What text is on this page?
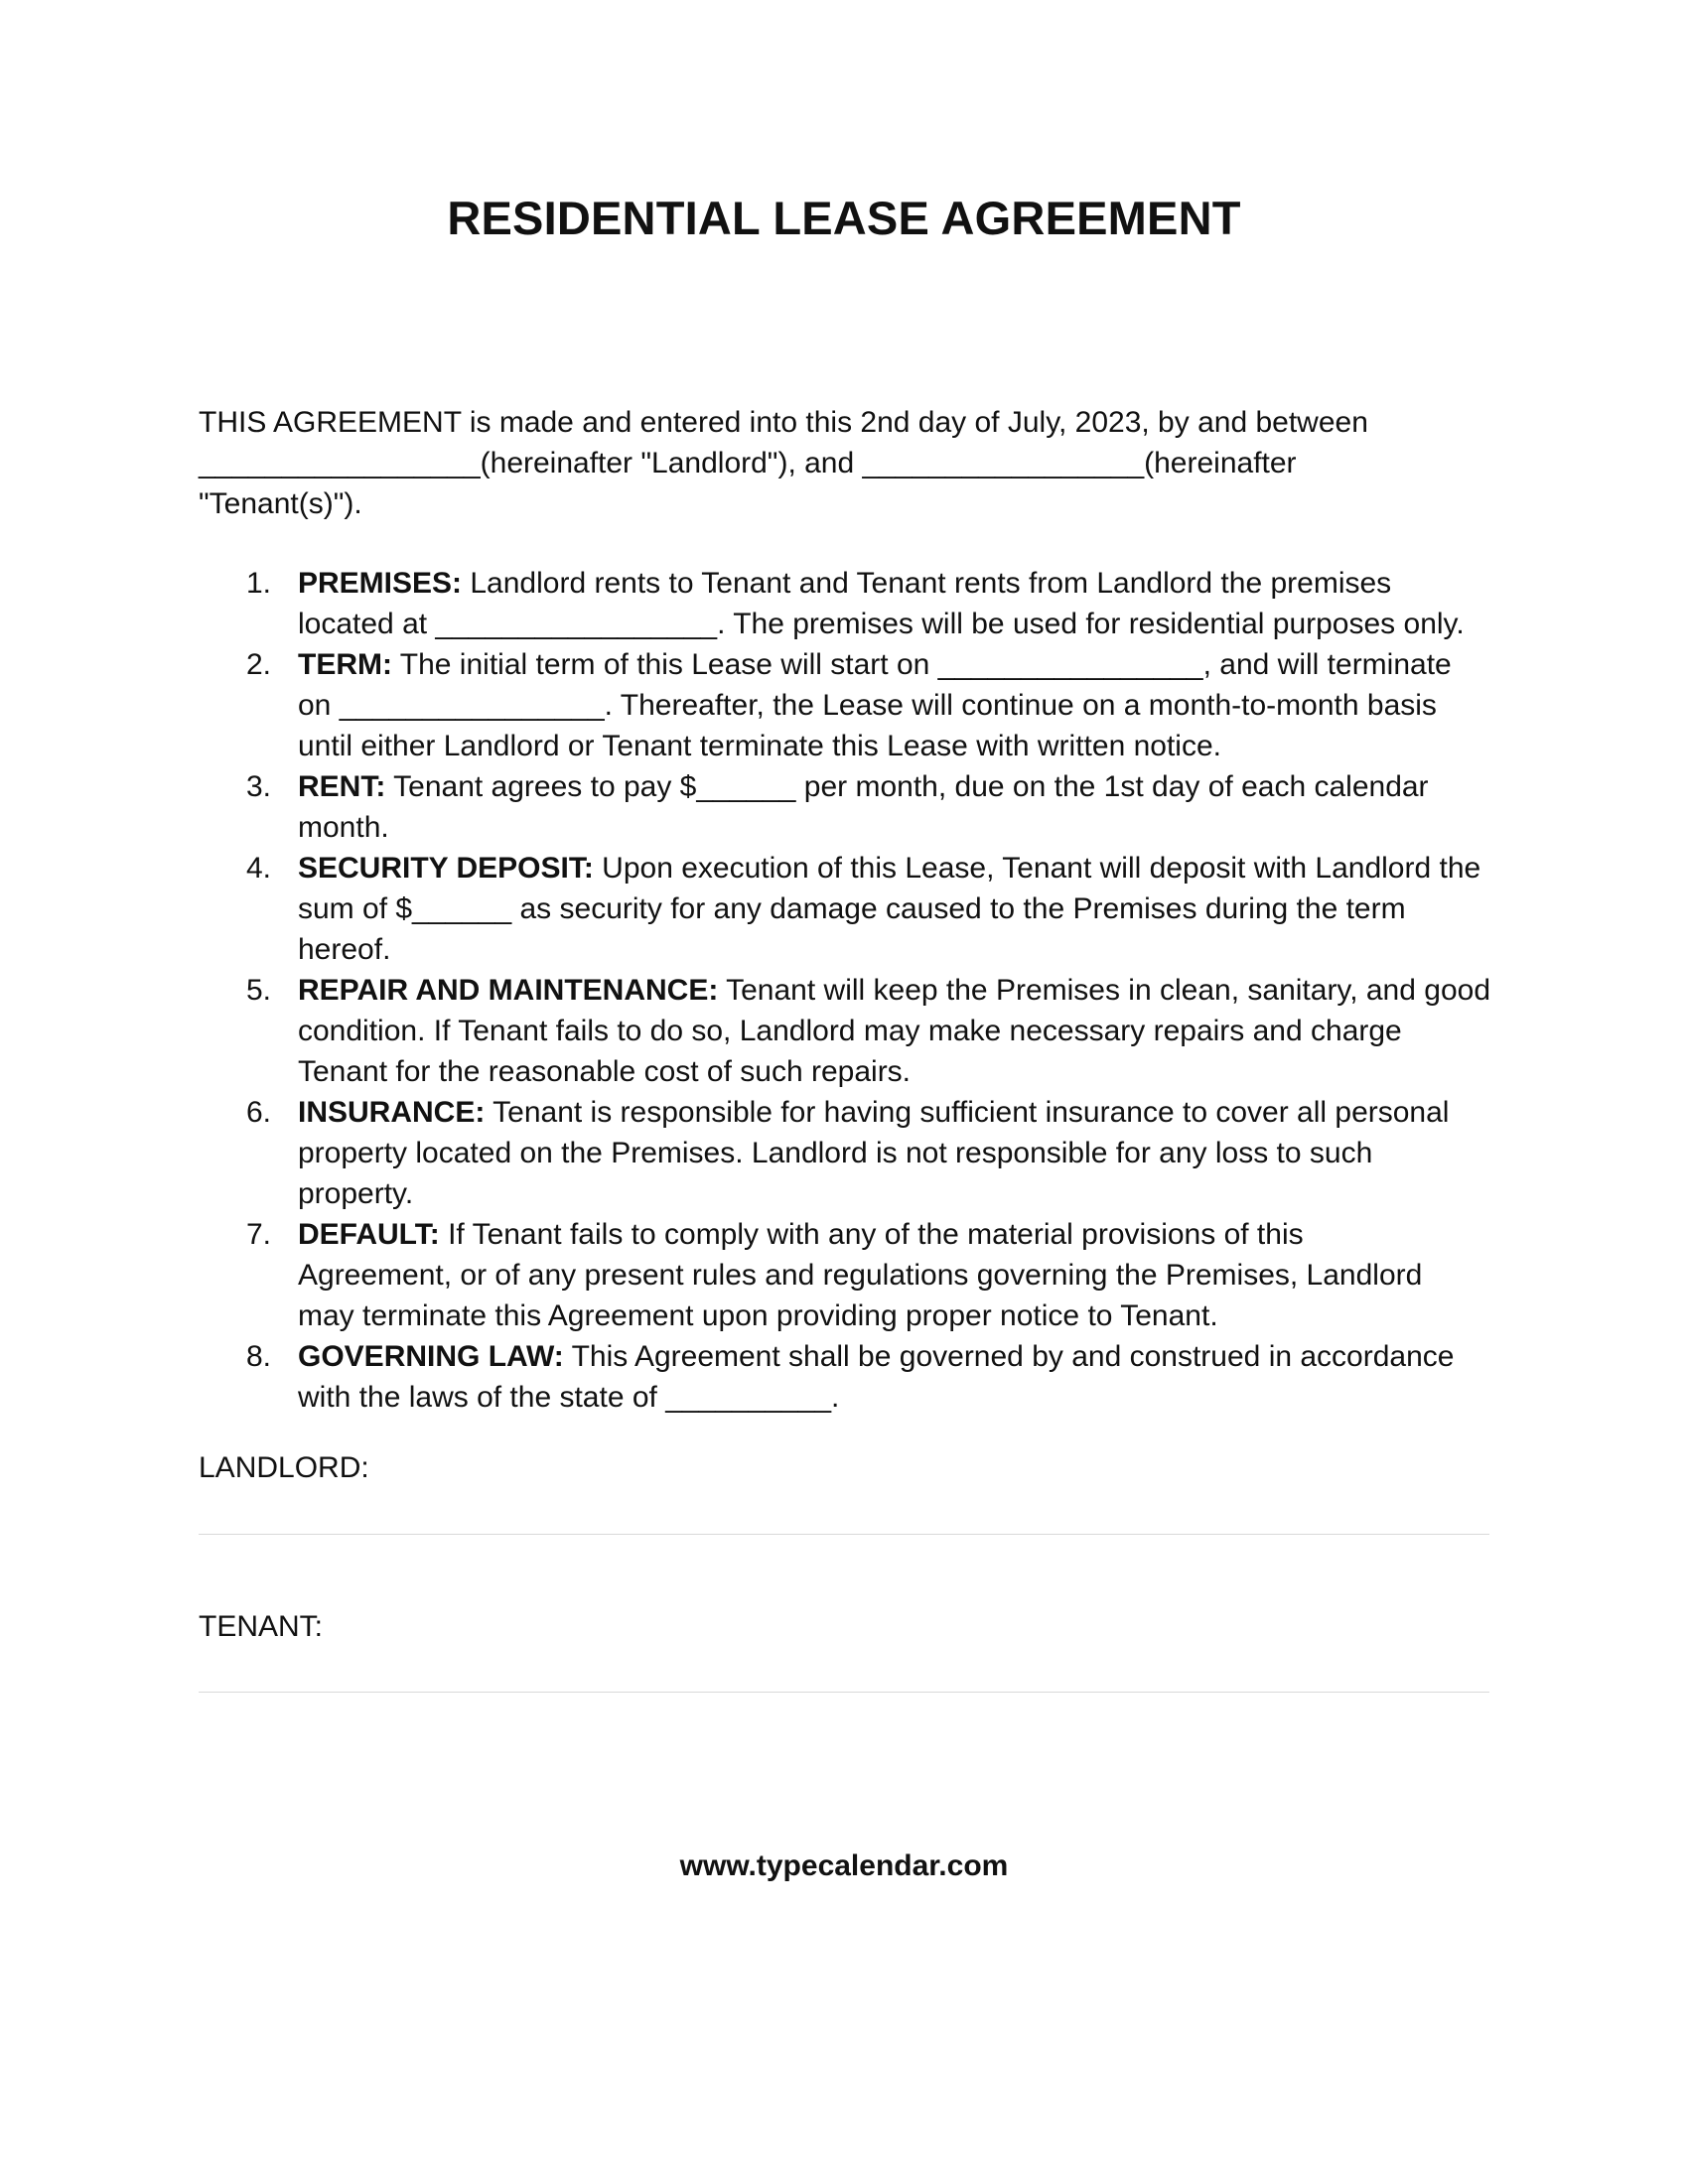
RESIDENTIAL LEASE AGREEMENT
THIS AGREEMENT is made and entered into this 2nd day of July, 2023, by and between
_________________(hereinafter "Landlord"), and _________________(hereinafter
"Tenant(s)").
1. PREMISES: Landlord rents to Tenant and Tenant rents from Landlord the premises
located at _________________. The premises will be used for residential purposes only.
2. TERM: The initial term of this Lease will start on ________________, and will terminate
on ________________. Thereafter, the Lease will continue on a month-to-month basis
until either Landlord or Tenant terminate this Lease with written notice.
3. RENT: Tenant agrees to pay $______ per month, due on the 1st day of each calendar
month.
4. SECURITY DEPOSIT: Upon execution of this Lease, Tenant will deposit with Landlord the
sum of $______ as security for any damage caused to the Premises during the term
hereof.
5. REPAIR AND MAINTENANCE: Tenant will keep the Premises in clean, sanitary, and good
condition. If Tenant fails to do so, Landlord may make necessary repairs and charge
Tenant for the reasonable cost of such repairs.
6. INSURANCE: Tenant is responsible for having sufficient insurance to cover all personal
property located on the Premises. Landlord is not responsible for any loss to such
property.
7. DEFAULT: If Tenant fails to comply with any of the material provisions of this
Agreement, or of any present rules and regulations governing the Premises, Landlord
may terminate this Agreement upon providing proper notice to Tenant.
8. GOVERNING LAW: This Agreement shall be governed by and construed in accordance
with the laws of the state of __________.
LANDLORD:
TENANT:
www.typecalendar.com
